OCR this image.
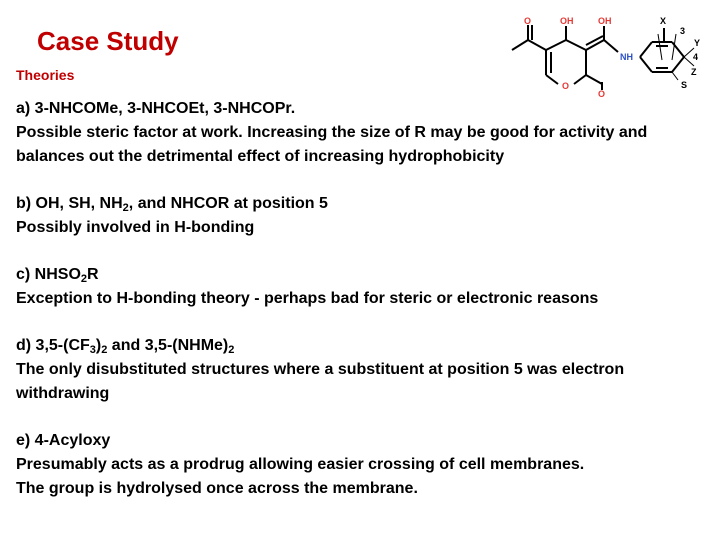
Case Study
Theories
O	OH	OH
O
O
NH
X
3
Y
4
Z
S

a) 3-NHCOMe, 3-NHCOEt, 3-NHCOPr.

Possible steric factor at work. Increasing the size of R may be good for activity and balances out the detrimental effect of increasing hydrophobicity

b) OH, SH, $NH_2$, and NHCOR at position 5

Possibly involved in H-bonding

c) $NHSO_2R$

Exception to H-bonding theory - perhaps bad for steric or electronic reasons

d) $3,5-(CF_3)_2$ and $3,5-(NHMe)_2$

The only disubstituted structures where a substituent at position 5 was electron withdrawing

e) 4-Acyloxy

Presumably acts as a prodrug allowing easier crossing of cell membranes.

The group is hydrolysed once across the membrane.
